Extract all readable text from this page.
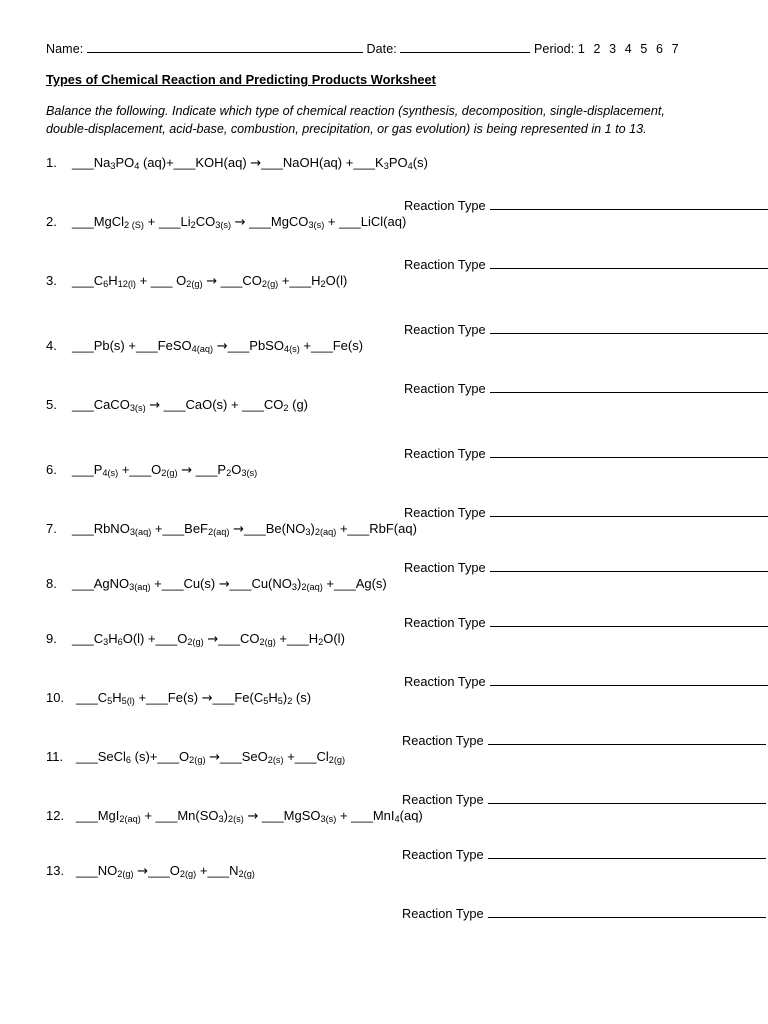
Name:	Date:	Period: 1 2 3 4 5 6 7
Types of Chemical Reaction and Predicting Products Worksheet
Balance the following. Indicate which type of chemical reaction (synthesis, decomposition, single-displacement, double-displacement, acid-base, combustion, precipitation, or gas evolution) is being represented in 1 to 13.
1. $\_\_\_Na_3PO_4$ (aq)+___KOH(aq) →___NaOH(aq) $+\_\_\_K_3PO_4(s)$
Reaction Type
2. ___MgCl$_{2 (S)}$ + $\_\_\_Li_2CO_{3(s)}$ → ___MgCO$_{3(s)}$ + ___LiCl(aq)
Reaction Type
3. $\_\_\_C_6H_{12(l)}$ + ___ $O_{2(g)}$ → $\_\_\_CO_{2(g)}$ $+\_\_\_H_2O(l)$
Reaction Type
4. ___Pb(s) +___FeSO$_{4(aq)}$ →___PbSO$_{4(s)}$ +___Fe(s)
Reaction Type
5. ___CaCO$_{3(s)}$ → ___CaO(s) + $\_\_\_CO_2$ (g)
Reaction Type
6. $\_\_\_P_{4(s)}$ $+\_\_\_O_{2(g)}$ → $\_\_\_P_2O_{3(s)}$
Reaction Type
7. ___RbNO$_{3(aq)}$ +___BeF$_{2(aq)}$ $\to\_\_\_Be(NO_3)_{2(aq)}$ +___RbF(aq)
Reaction Type
8. ___AgNO$_{3(aq)}$ +___Cu(s) $\to\_\_\_Cu(NO_3)_{2(aq)}$ +___Ag(s)
Reaction Type
9. $\_\_\_C_3H_6O(l)$ $+\_\_\_O_{2(g)}$ $\to\_\_\_CO_{2(g)}$ $+\_\_\_H_2O(l)$
Reaction Type
10. $\_\_\_C_5H_{5(l)}$ +___Fe(s) $\to\_\_\_Fe(C_5H_5)_2$ (s)
Reaction Type
11. ___SeCl$_6$ $(s)+\_\_\_O_{2(g)}$ →___SeO$_{2(s)}$ $+\_\_\_Cl_{2(g)}$
Reaction Type
12. ___MgI$_{2(aq)}$ + $\_\_\_Mn(SO_3)_{2(s)}$ → ___MgSO$_{3(s)}$ + ___MnI$_4$(aq)
Reaction Type
13. $\_\_\_NO_{2(g)}$ $\to\_\_\_O_{2(g)}$ $+\_\_\_N_{2(g)}$
Reaction Type
